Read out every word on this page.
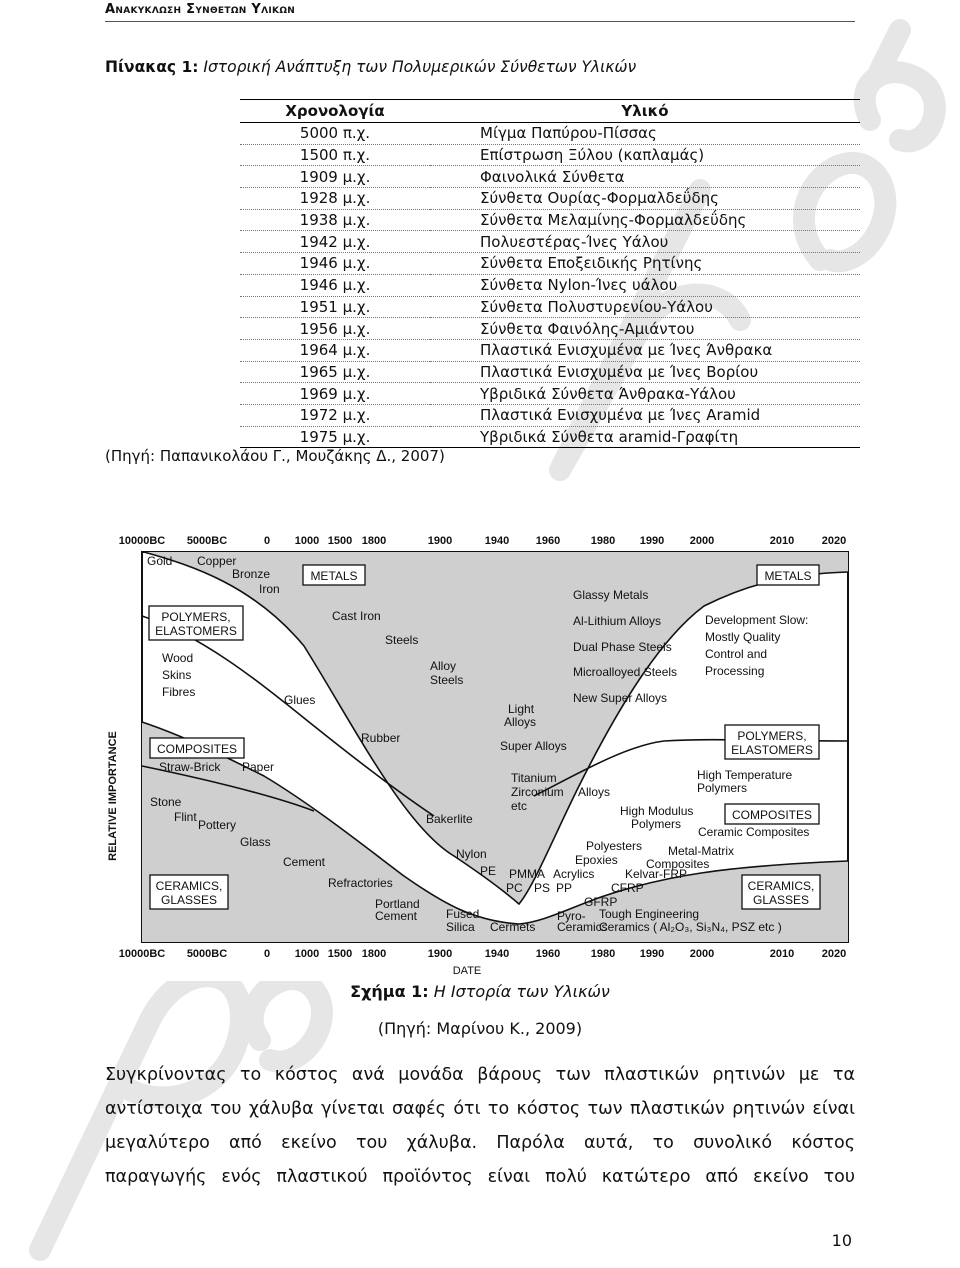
Ανακυκλωση Συνθετων Υλικων
Πίνακας 1: Ιστορική Ανάπτυξη των Πολυμερικών Σύνθετων Υλικών
Χρονολογία	Υλικό
5000 π.χ.	Μίγμα Παπύρου-Πίσσας
1500 π.χ.	Επίστρωση Ξύλου (καπλαμάς)
1909 μ.χ.	Φαινολικά Σύνθετα
1928 μ.χ.	Σύνθετα Ουρίας-Φορμαλδεΰδης
1938 μ.χ.	Σύνθετα Μελαμίνης-Φορμαλδεΰδης
1942 μ.χ.	Πολυεστέρας-Ίνες Υάλου
1946 μ.χ.	Σύνθετα Εποξειδικής Ρητίνης
1946 μ.χ.	Σύνθετα Nylon-Ίνες υάλου
1951 μ.χ.	Σύνθετα Πολυστυρενίου-Υάλου
1956 μ.χ.	Σύνθετα Φαινόλης-Αμιάντου
1964 μ.χ.	Πλαστικά Ενισχυμένα με Ίνες Άνθρακα
1965 μ.χ.	Πλαστικά Ενισχυμένα με Ίνες Βορίου
1969 μ.χ.	Υβριδικά Σύνθετα Άνθρακα-Υάλου
1972 μ.χ.	Πλαστικά Ενισχυμένα με Ίνες Aramid
1975 μ.χ.	Υβριδικά Σύνθετα aramid-Γραφίτη
(Πηγή: Παπανικολάου Γ., Μουζάκης Δ., 2007)
10000BC
10000BC
5000BC
5000BC
0
0
1000
1000
1500
1500
1800
1800
1900
1900
1940
1940
1960
1960
1980
1980
1990
1990
2000
2000
2010
2010
2020
2020
DATE
RELATIVE IMPORTANCE
METALS	METALS
POLYMERS,
ELASTOMERS
POLYMERS,
ELASTOMERS
COMPOSITES
COMPOSITES
CERAMICS,
GLASSES
CERAMICS,
GLASSES
Gold Copper
Bronze
Iron
Cast Iron
Steels
Alloy
Steels
Light
Alloys
Super Alloys
Titanium
Zirconium
etc
Alloys
Glassy Metals
Al-Lithium Alloys
Dual Phase Steels
Microalloyed Steels
New Super Alloys
Development Slow:
Mostly Quality
Control and
Processing
Wood
Skins
Fibres
Glues
Rubber
Bakerlite
Nylon
PE PMMA Acrylics
PC PS PP
Polyesters
Epoxies
High Temperature
Polymers
High Modulus
Polymers
Straw-Brick Paper
GFRP
CFRP
Kelvar-FRP
Metal-Matrix
Composites
Ceramic Composites
Stone
Flint
Pottery
Glass
Cement
Refractories
Portland
Cement Fused
Silica Cermets
Pyro-
Ceramics
Tough Engineering
Ceramics ( Al₂O₃, Si₃N₄, PSZ etc )
Σχήμα 1: Η Ιστορία των Υλικών
(Πηγή: Μαρίνου Κ., 2009)
Συγκρίνοντας το κόστος ανά μονάδα βάρους των πλαστικών ρητινών με τα
αντίστοιχα του χάλυβα γίνεται σαφές ότι το κόστος των πλαστικών ρητινών είναι
μεγαλύτερο από εκείνο του χάλυβα. Παρόλα αυτά, το συνολικό κόστος
παραγωγής ενός πλαστικού προϊόντος είναι πολύ κατώτερο από εκείνο του
10
